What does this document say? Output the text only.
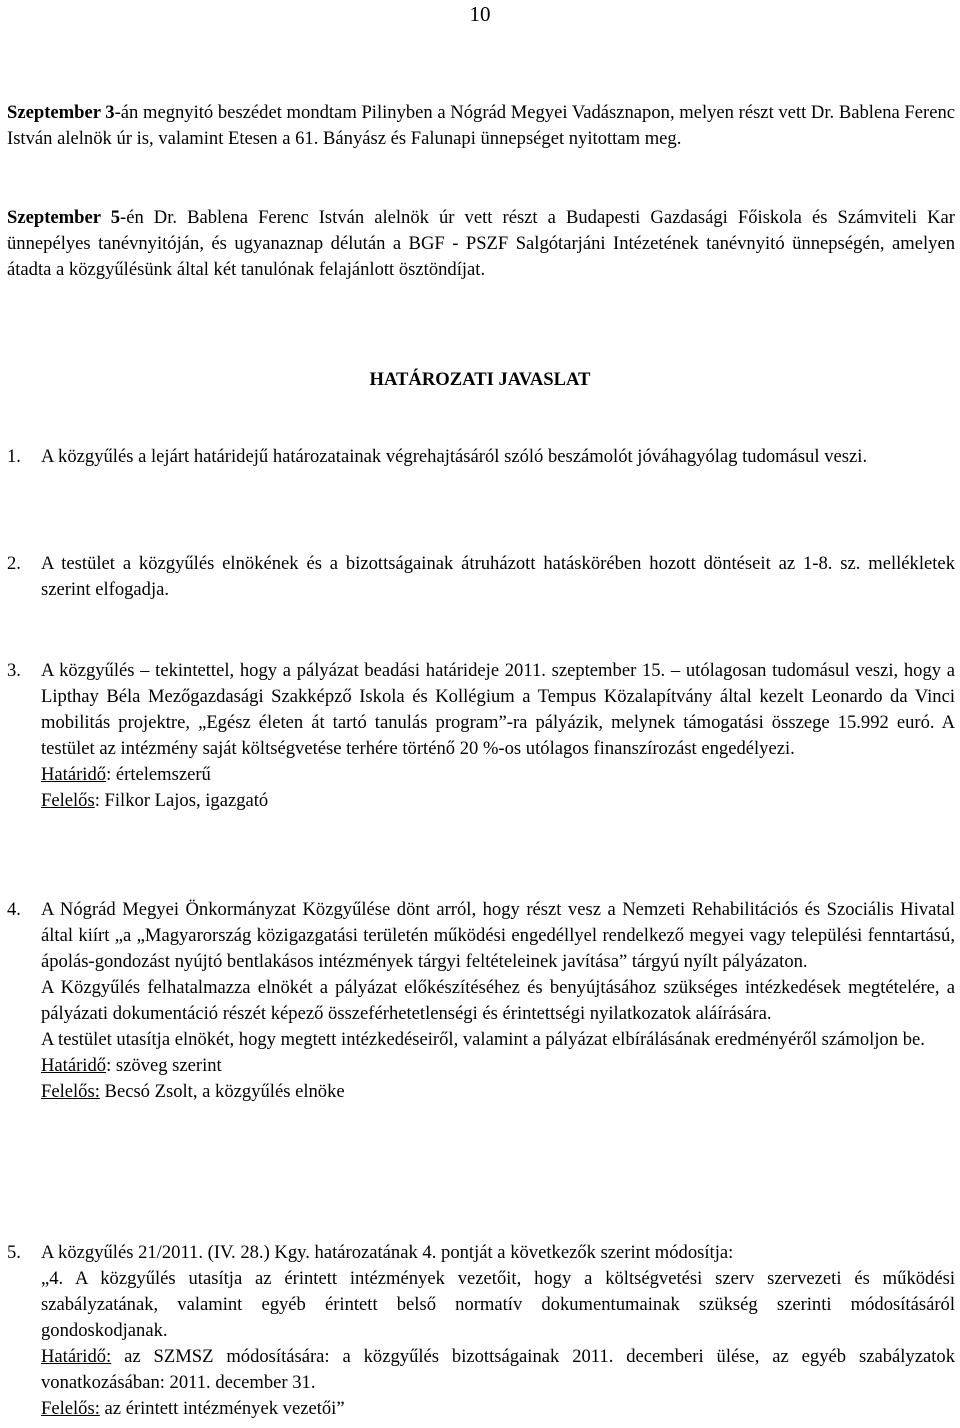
10
Szeptember 3-án megnyitó beszédet mondtam Pilinyben a Nógrád Megyei Vadásznapon, melyen részt vett Dr. Bablena Ferenc István alelnök úr is, valamint Etesen a 61. Bányász és Falunapi ünnepséget nyitottam meg.
Szeptember 5-én Dr. Bablena Ferenc István alelnök úr vett részt a Budapesti Gazdasági Főiskola és Számviteli Kar ünnepélyes tanévnyitóján, és ugyanaznap délután a BGF - PSZF Salgótarjáni Intézetének tanévnyitó ünnepségén, amelyen átadta a közgyűlésünk által két tanulónak felajánlott ösztöndíjat.
HATÁROZATI JAVASLAT
1.	A közgyűlés a lejárt határidejű határozatainak végrehajtásáról szóló beszámolót jóváhagyólag tudomásul veszi.

2.	A testület a közgyűlés elnökének és a bizottságainak átruházott hatáskörében hozott döntéseit az 1-8. sz. mellékletek szerint elfogadja.

3.	A közgyűlés – tekintettel, hogy a pályázat beadási határideje 2011. szeptember 15. – utólagosan tudomásul veszi, hogy a Lipthay Béla Mezőgazdasági Szakképző Iskola és Kollégium a Tempus Közalapítvány által kezelt Leonardo da Vinci mobilitás projektre, „Egész életen át tartó tanulás program”-ra pályázik, melynek támogatási összege 15.992 euró. A testület az intézmény saját költségvetése terhére történő 20 %-os utólagos finanszírozást engedélyezi.

Határidő: értelemszerű

Felelős: Filkor Lajos, igazgató

4.	A Nógrád Megyei Önkormányzat Közgyűlése dönt arról, hogy részt vesz a Nemzeti Rehabilitációs és Szociális Hivatal által kiírt „a „Magyarország közigazgatási területén működési engedéllyel rendelkező megyei vagy települési fenntartású, ápolás-gondozást nyújtó bentlakásos intézmények tárgyi feltételeinek javítása” tárgyú nyílt pályázaton.

A Közgyűlés felhatalmazza elnökét a pályázat előkészítéséhez és benyújtásához szükséges intézkedések megtételére, a pályázati dokumentáció részét képező összeférhetetlenségi és érintettségi nyilatkozatok aláírására.

A testület utasítja elnökét, hogy megtett intézkedéseiről, valamint a pályázat elbírálásának eredményéről számoljon be.

Határidő: szöveg szerint

Felelős: Becsó Zsolt, a közgyűlés elnöke

5.	A közgyűlés 21/2011. (IV. 28.) Kgy. határozatának 4. pontját a következők szerint módosítja:

„4. A közgyűlés utasítja az érintett intézmények vezetőit, hogy a költségvetési szerv szervezeti és működési szabályzatának, valamint egyéb érintett belső normatív dokumentumainak szükség szerinti módosításáról gondoskodjanak.

Határidő: az SZMSZ módosítására: a közgyűlés bizottságainak 2011. decemberi ülése, az egyéb szabályzatok vonatkozásában: 2011. december 31.

Felelős: az érintett intézmények vezetői”
